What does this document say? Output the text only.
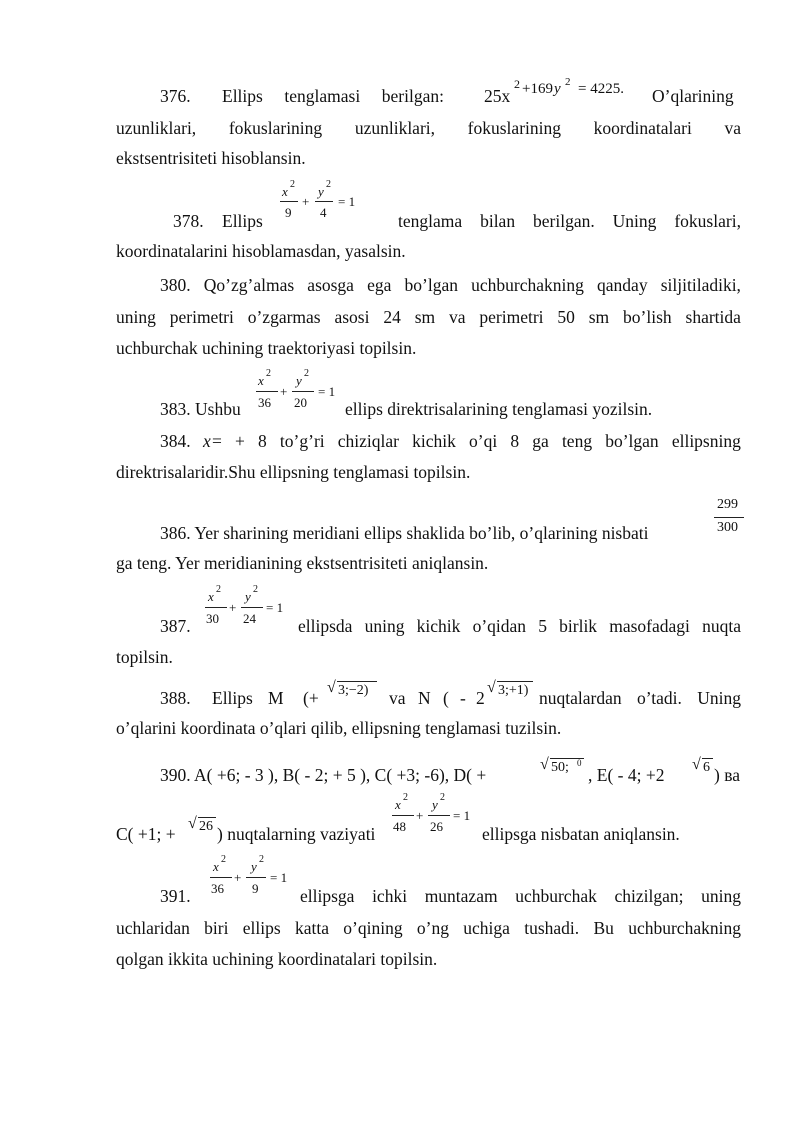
376. Ellips tenglamasi berilgan: 25x
2 +169 y 2 = 4225. O’qlarining
uzunliklari, fokuslarining uzunliklari, fokuslarining koordinatalari va
ekstsentrisiteti hisoblansin.
378. Ellips
x 2
9
+
y 2
4
= 1
tenglama bilan berilgan. Uning fokuslari,
koordinatalarini hisoblamasdan, yasalsin.
380. Qo’zg’almas asosga ega bo’lgan uchburchakning qanday siljitiladiki,
uning perimetri o’zgarmas asosi 24 sm va perimetri 50 sm bo’lish shartida
uchburchak uchining traektoriyasi topilsin.
383. Ushbu
x 2
36
+
y 2
20
= 1
ellips direktrisalarining tenglamasi yozilsin.
384. x = + 8 to’g’ri chiziqlar kichik o’qi 8 ga teng bo’lgan ellipsning
direktrisalaridir.Shu ellipsning tenglamasi topilsin.
299
300
386. Yer sharining meridiani ellips shaklida bo’lib, o’qlarining nisbati
ga teng. Yer meridianining ekstsentrisiteti aniqlansin.
387.
x 2
30
+
y 2
24
= 1
ellipsda uning kichik o’qidan 5 birlik masofadagi nuqta
topilsin.
388. Ellips M (+
√ 3;−2) va N ( - 2
√ 3;+1) nuqtalardan o’tadi. Uning
o’qlarini koordinata o’qlari qilib, ellipsning tenglamasi tuzilsin.
390. A( +6; - 3 ), B( - 2; + 5 ), C( +3; -6), D( +
√ 50; 0
, E( - 4; +2
√ 6 ) ва
C( +1; +
√ 26 ) nuqtalarning vaziyati
x 2
48
+
y 2
26
= 1
ellipsga nisbatan aniqlansin.
391.
x 2
36
+
y 2
9
= 1
ellipsga ichki muntazam uchburchak chizilgan; uning
uchlaridan biri ellips katta o’qining o’ng uchiga tushadi. Bu uchburchakning
qolgan ikkita uchining koordinatalari topilsin.
